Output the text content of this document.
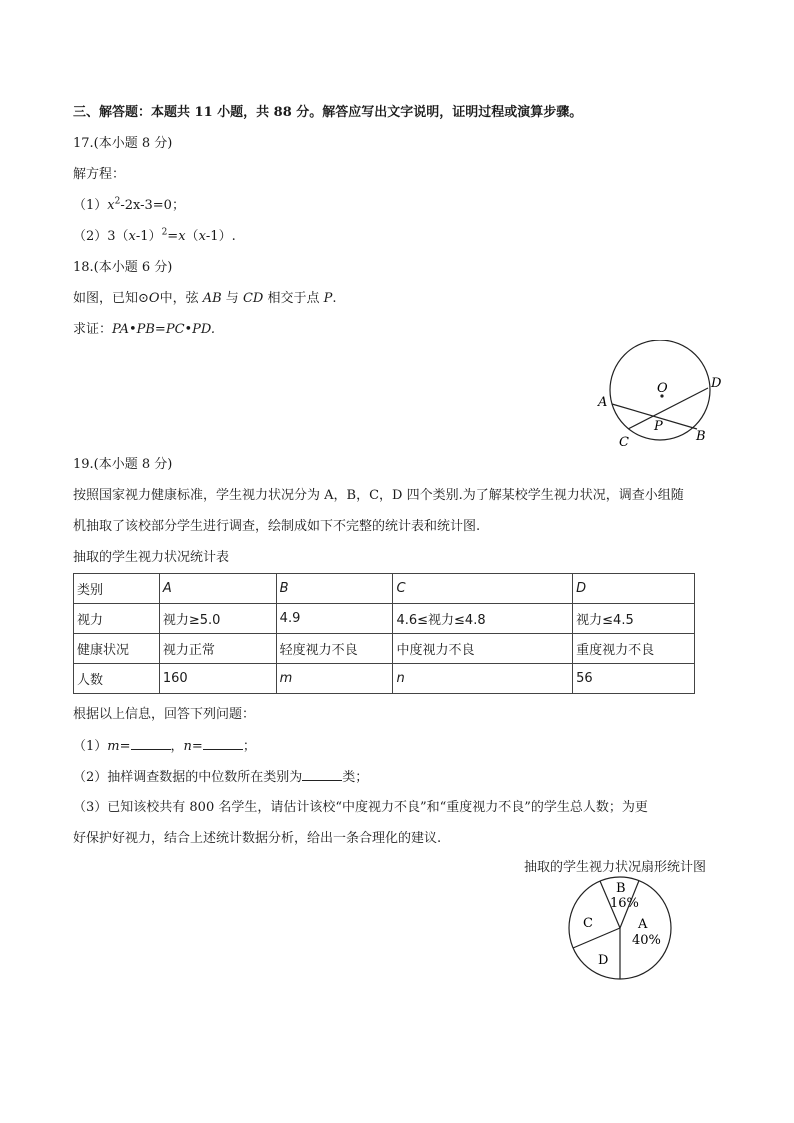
三、解答题：本题共 11 小题，共 88 分。解答应写出文字说明，证明过程或演算步骤。
17.(本小题 8 分)
解方程：
$(1)x^2-2x-3=0$；
$(2)3(x-1)^2=x(x-1)$.
18.(本小题 6 分)
如图，已知⊙O中，弦 AB 与 CD 相交于点 P.
求证：PA•PB=PC•PD.
O
A
B
C
D
P
19.(本小题 8 分)
按照国家视力健康标准，学生视力状况分为 A，B，C，D 四个类别.为了解某校学生视力状况，调查小组随
机抽取了该校部分学生进行调查，绘制成如下不完整的统计表和统计图.
抽取的学生视力状况统计表
类别	A	B	C	D
视力	视力≥5.0	4.9	4.6≤视力≤4.8	视力≤4.5
健康状况	视力正常	轻度视力不良	中度视力不良	重度视力不良
人数	160	m	n	56
根据以上信息，回答下列问题：
（1）m=	，n=	；
（2）抽样调查数据的中位数所在类别为	类；
（3）已知该校共有 800 名学生，请估计该校“中度视力不良”和“重度视力不良”的学生总人数；为更
好保护好视力，结合上述统计数据分析，给出一条合理化的建议.
抽取的学生视力状况扇形统计图
B
16%
A
40%
C
D
